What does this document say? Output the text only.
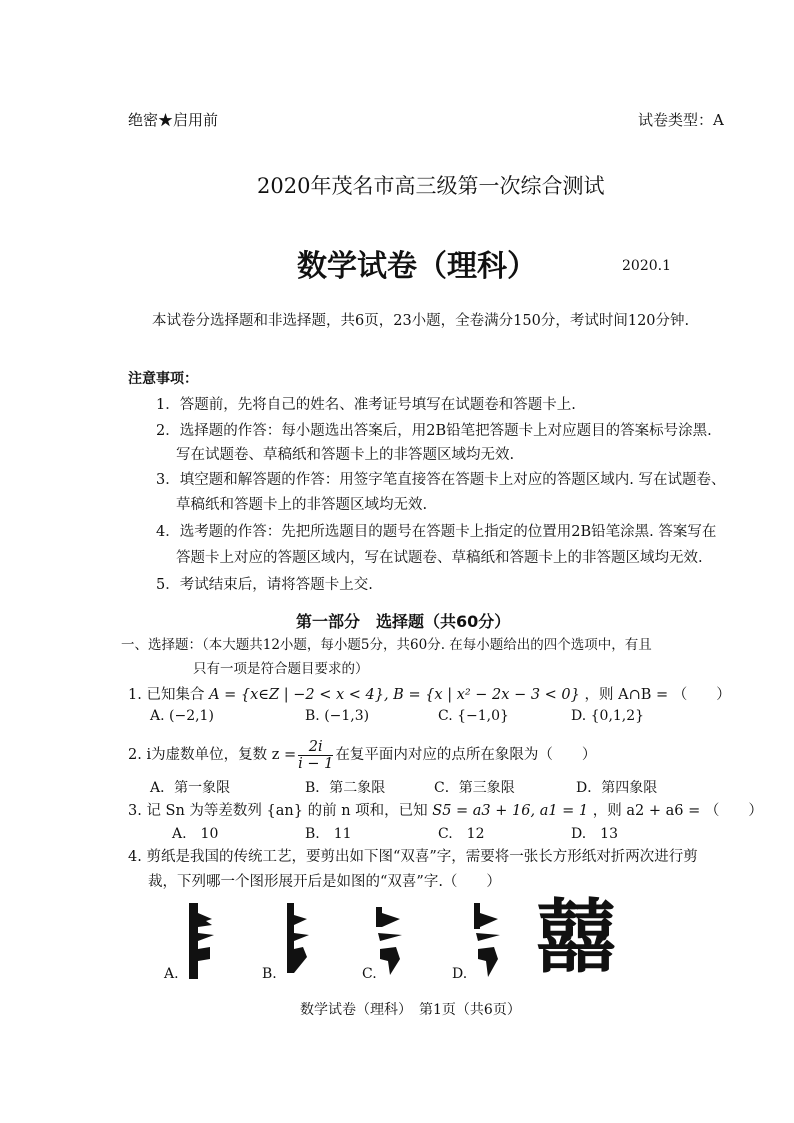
绝密★启用前	试卷类型：A
2020年茂名市高三级第一次综合测试
数学试卷（理科）	2020.1
本试卷分选择题和非选择题，共6页，23小题，全卷满分150分，考试时间120分钟.
注意事项：
1．答题前，先将自己的姓名、准考证号填写在试题卷和答题卡上.
2．选择题的作答：每小题选出答案后，用2B铅笔把答题卡上对应题目的答案标号涂黑.
写在试题卷、草稿纸和答题卡上的非答题区域均无效.
3．填空题和解答题的作答：用签字笔直接答在答题卡上对应的答题区域内. 写在试题卷、
草稿纸和答题卡上的非答题区域均无效.
4．选考题的作答：先把所选题目的题号在答题卡上指定的位置用2B铅笔涂黑. 答案写在
答题卡上对应的答题区域内，写在试题卷、草稿纸和答题卡上的非答题区域均无效.
5．考试结束后，请将答题卡上交.
第一部分　选择题（共60分）
一、选择题：（本大题共12小题，每小题5分，共60分. 在每小题给出的四个选项中，有且
只有一项是符合题目要求的）
1. 已知集合 A = {x∈Z | −2 < x < 4}, B = {x | x² − 2x − 3 < 0} ，则 A∩B = （　　）
A. (−2,1)	B. (−1,3)	C. {−1,0}	D. {0,1,2}
2. i为虚数单位，复数 $z = \frac{2i}{i - 1}$ 在复平面内对应的点所在象限为（　　）
A．第一象限	B．第二象限	C．第三象限	D．第四象限
3. 记 Sn 为等差数列 {an} 的前 n 项和，已知 S5 = a3 + 16, a1 = 1 ，则 a2 + a6 = （　　）
A.　10	B.　11	C.　12	D.　13
4. 剪纸是我国的传统工艺，要剪出如下图“双喜”字，需要将一张长方形纸对折两次进行剪
裁，下列哪一个图形展开后是如图的“双喜”字.（　　）
A.	B.	C.	D. 囍
数学试卷（理科）　第1页（共6页）
